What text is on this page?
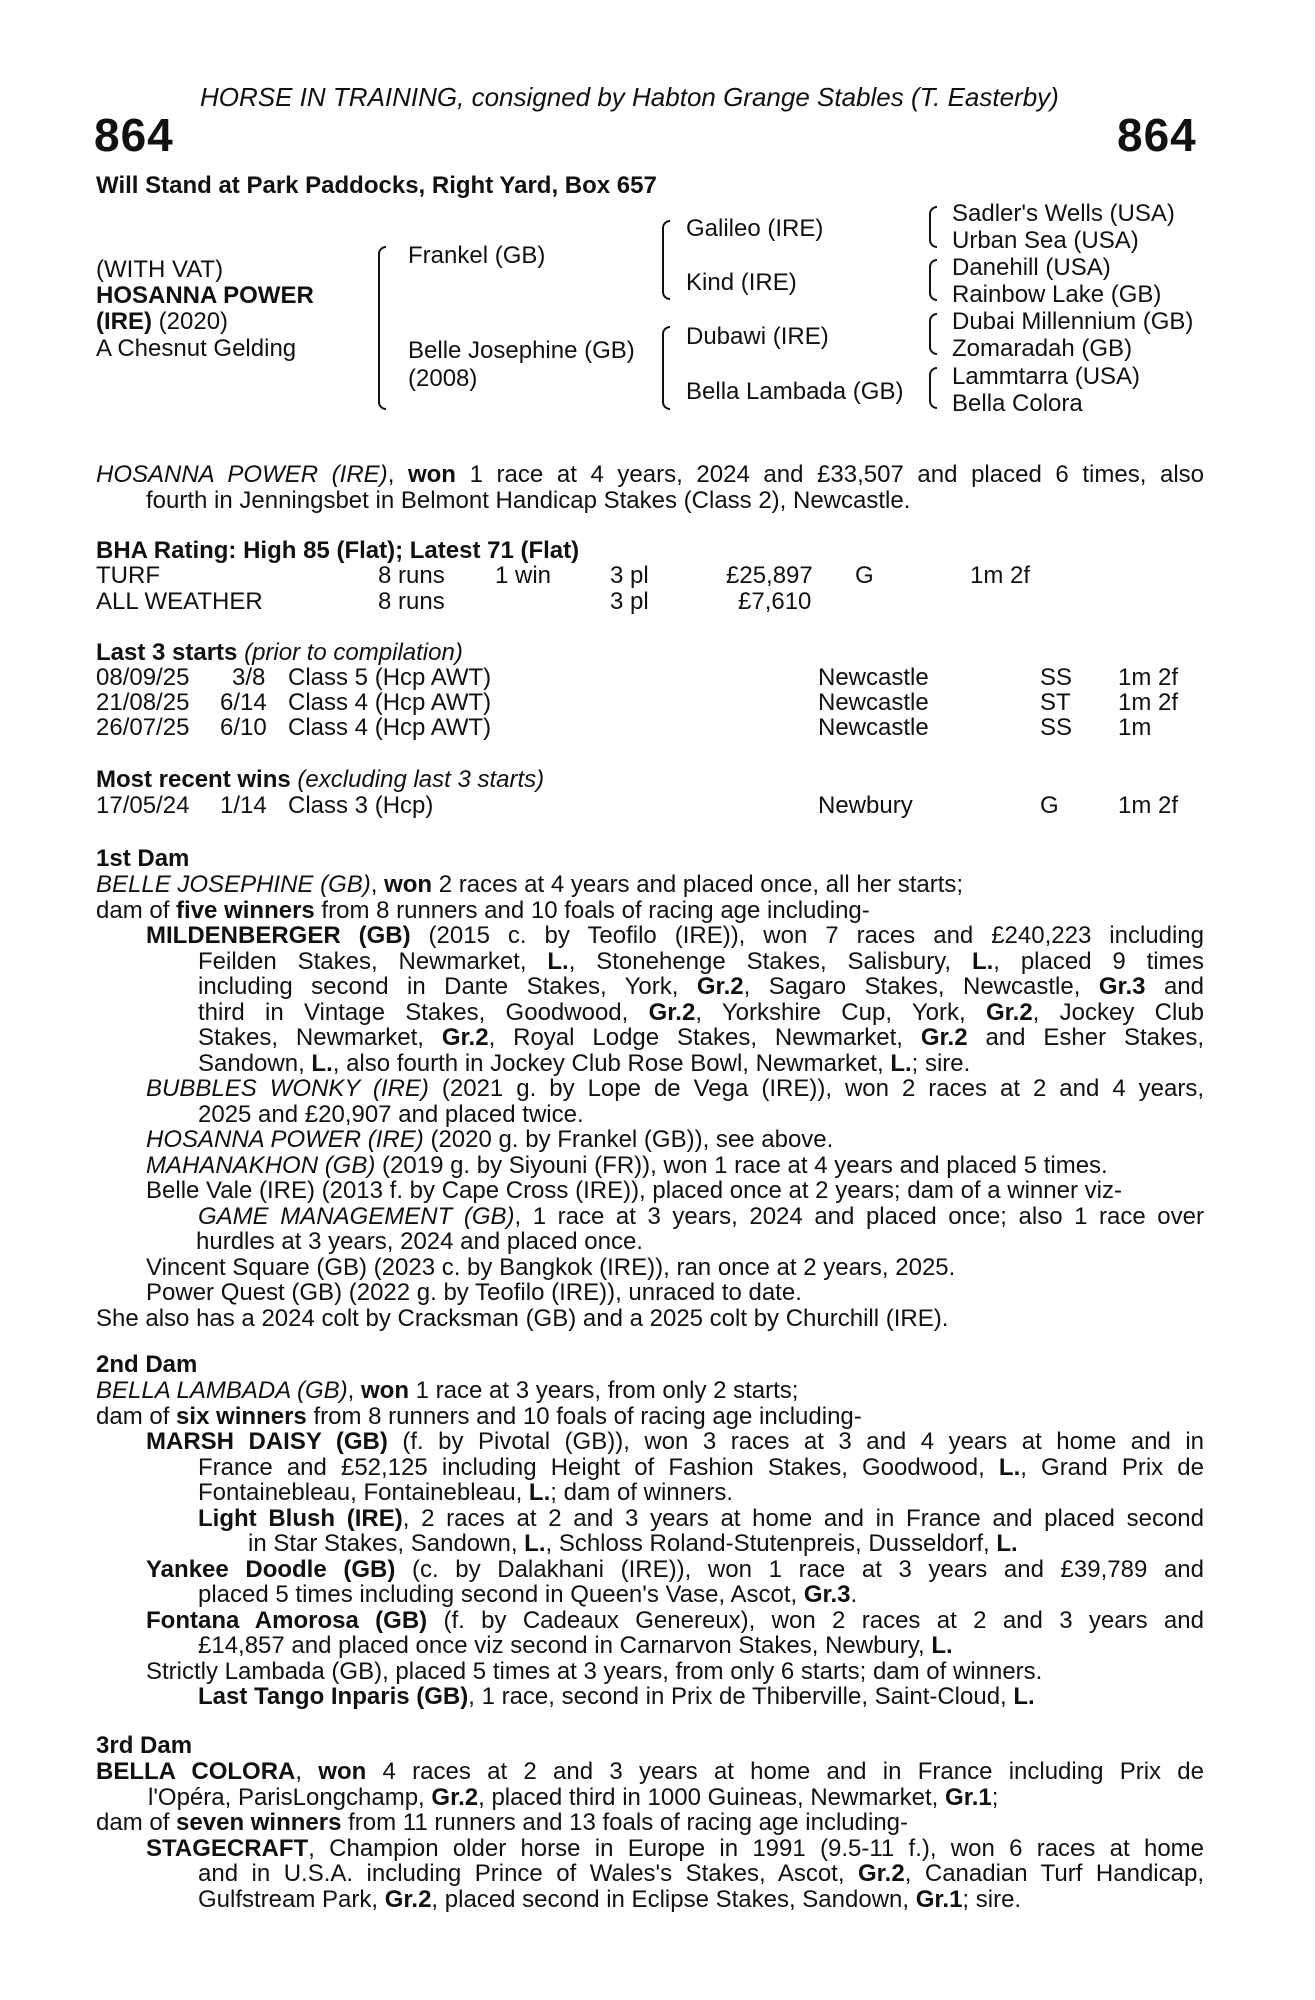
HORSE IN TRAINING, consigned by Habton Grange Stables (T. Easterby)
864	864
Will Stand at Park Paddocks, Right Yard, Box 657
(WITH VAT)
HOSANNA POWER
(IRE) (2020)
A Chesnut Gelding
Frankel (GB)
Belle Josephine (GB)
(2008)
Galileo (IRE)
Kind (IRE)
Dubawi (IRE)
Bella Lambada (GB)
Sadler's Wells (USA)
Urban Sea (USA)
Danehill (USA)
Rainbow Lake (GB)
Dubai Millennium (GB)
Zomaradah (GB)
Lammtarra (USA)
Bella Colora
HOSANNA POWER (IRE), won 1 race at 4 years, 2024 and £33,507 and placed 6 times, also
fourth in Jenningsbet in Belmont Handicap Stakes (Class 2), Newcastle.
BHA Rating: High 85 (Flat); Latest 71 (Flat)
TURF	8 runs 1 win 3 pl	£25,897 G	1m 2f
ALL WEATHER	8 runs	3 pl	£7,610
Last 3 starts (prior to compilation)
08/09/25 3/8 Class 5 (Hcp AWT)	Newcastle	SS 1m 2f
21/08/25 6/14 Class 4 (Hcp AWT)	Newcastle	ST 1m 2f
26/07/25 6/10 Class 4 (Hcp AWT)	Newcastle	SS 1m
Most recent wins (excluding last 3 starts)
17/05/24 1/14 Class 3 (Hcp)	Newbury	G 1m 2f
1st Dam
BELLE JOSEPHINE (GB), won 2 races at 4 years and placed once, all her starts;
dam of five winners from 8 runners and 10 foals of racing age including-
MILDENBERGER (GB) (2015 c. by Teofilo (IRE)), won 7 races and £240,223 including
Feilden Stakes, Newmarket, L., Stonehenge Stakes, Salisbury, L., placed 9 times
including second in Dante Stakes, York, Gr.2, Sagaro Stakes, Newcastle, Gr.3 and
third in Vintage Stakes, Goodwood, Gr.2, Yorkshire Cup, York, Gr.2, Jockey Club
Stakes, Newmarket, Gr.2, Royal Lodge Stakes, Newmarket, Gr.2 and Esher Stakes,
Sandown, L., also fourth in Jockey Club Rose Bowl, Newmarket, L.; sire.
BUBBLES WONKY (IRE) (2021 g. by Lope de Vega (IRE)), won 2 races at 2 and 4 years,
2025 and £20,907 and placed twice.
HOSANNA POWER (IRE) (2020 g. by Frankel (GB)), see above.
MAHANAKHON (GB) (2019 g. by Siyouni (FR)), won 1 race at 4 years and placed 5 times.
Belle Vale (IRE) (2013 f. by Cape Cross (IRE)), placed once at 2 years; dam of a winner viz-
GAME MANAGEMENT (GB), 1 race at 3 years, 2024 and placed once; also 1 race over
hurdles at 3 years, 2024 and placed once.
Vincent Square (GB) (2023 c. by Bangkok (IRE)), ran once at 2 years, 2025.
Power Quest (GB) (2022 g. by Teofilo (IRE)), unraced to date.
She also has a 2024 colt by Cracksman (GB) and a 2025 colt by Churchill (IRE).
2nd Dam
BELLA LAMBADA (GB), won 1 race at 3 years, from only 2 starts;
dam of six winners from 8 runners and 10 foals of racing age including-
MARSH DAISY (GB) (f. by Pivotal (GB)), won 3 races at 3 and 4 years at home and in
France and £52,125 including Height of Fashion Stakes, Goodwood, L., Grand Prix de
Fontainebleau, Fontainebleau, L.; dam of winners.
Light Blush (IRE), 2 races at 2 and 3 years at home and in France and placed second
in Star Stakes, Sandown, L., Schloss Roland-Stutenpreis, Dusseldorf, L.
Yankee Doodle (GB) (c. by Dalakhani (IRE)), won 1 race at 3 years and £39,789 and
placed 5 times including second in Queen's Vase, Ascot, Gr.3.
Fontana Amorosa (GB) (f. by Cadeaux Genereux), won 2 races at 2 and 3 years and
£14,857 and placed once viz second in Carnarvon Stakes, Newbury, L.
Strictly Lambada (GB), placed 5 times at 3 years, from only 6 starts; dam of winners.
Last Tango Inparis (GB), 1 race, second in Prix de Thiberville, Saint-Cloud, L.
3rd Dam
BELLA COLORA, won 4 races at 2 and 3 years at home and in France including Prix de
l'Opéra, ParisLongchamp, Gr.2, placed third in 1000 Guineas, Newmarket, Gr.1;
dam of seven winners from 11 runners and 13 foals of racing age including-
STAGECRAFT, Champion older horse in Europe in 1991 (9.5-11 f.), won 6 races at home
and in U.S.A. including Prince of Wales's Stakes, Ascot, Gr.2, Canadian Turf Handicap,
Gulfstream Park, Gr.2, placed second in Eclipse Stakes, Sandown, Gr.1; sire.
